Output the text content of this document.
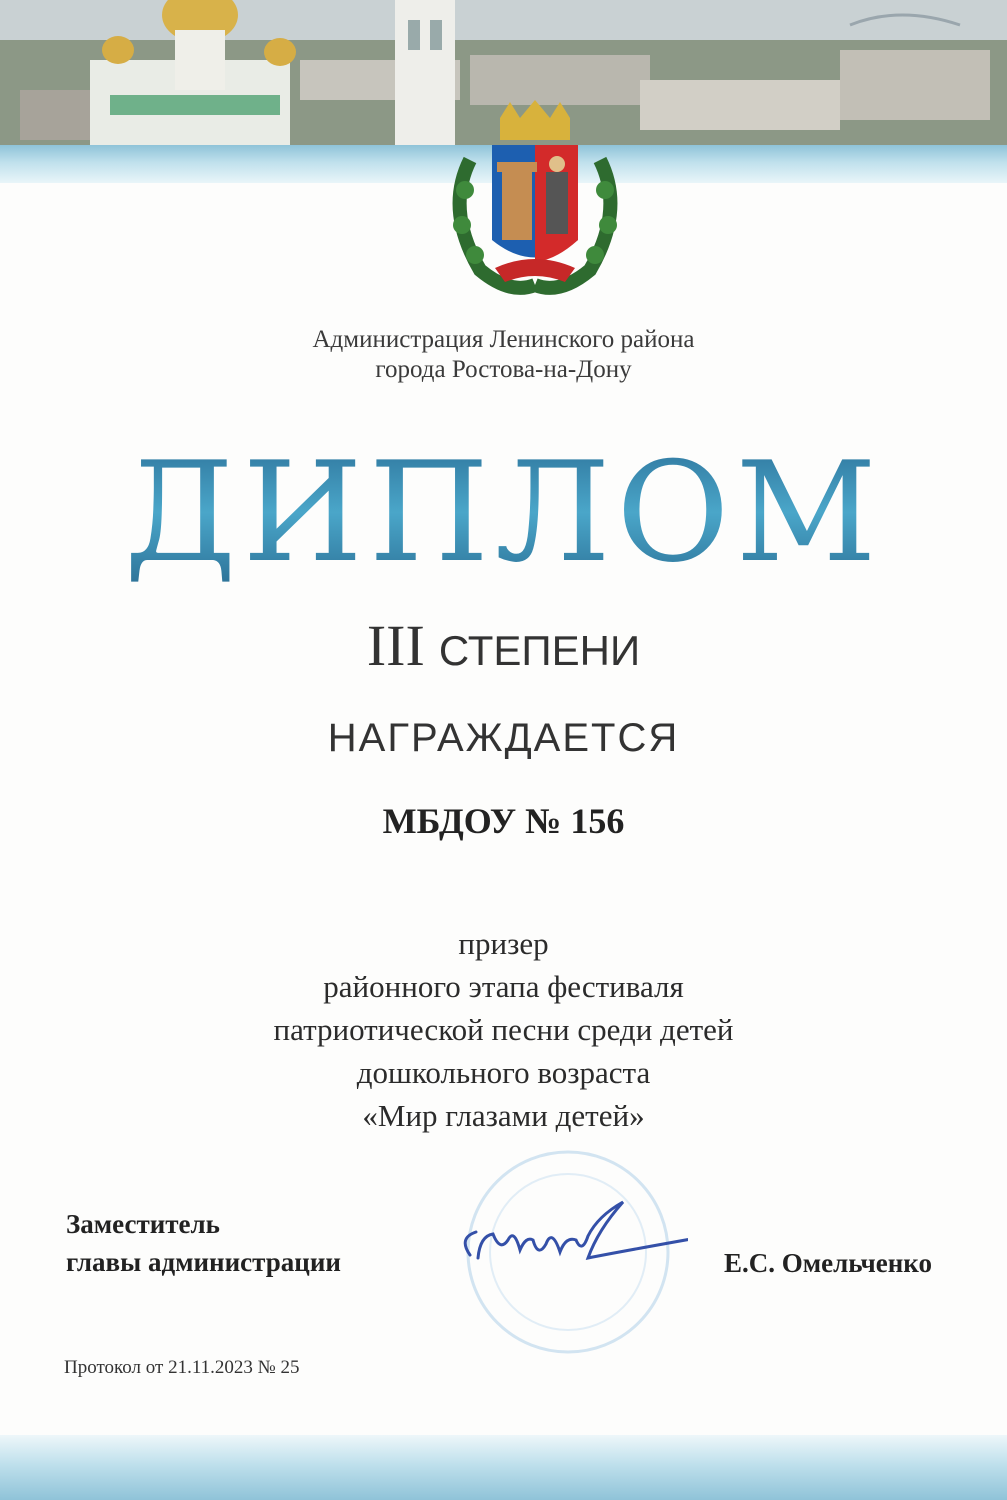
Администрация Ленинского района
города Ростова-на-Дону
ДИПЛОМ
III СТЕПЕНИ
НАГРАЖДАЕТСЯ
МБДОУ № 156
призер
районного этапа фестиваля
патриотической песни среди детей
дошкольного возраста
«Мир глазами детей»
Заместитель
главы администрации	Е.С. Омельченко
Протокол от 21.11.2023 № 25
